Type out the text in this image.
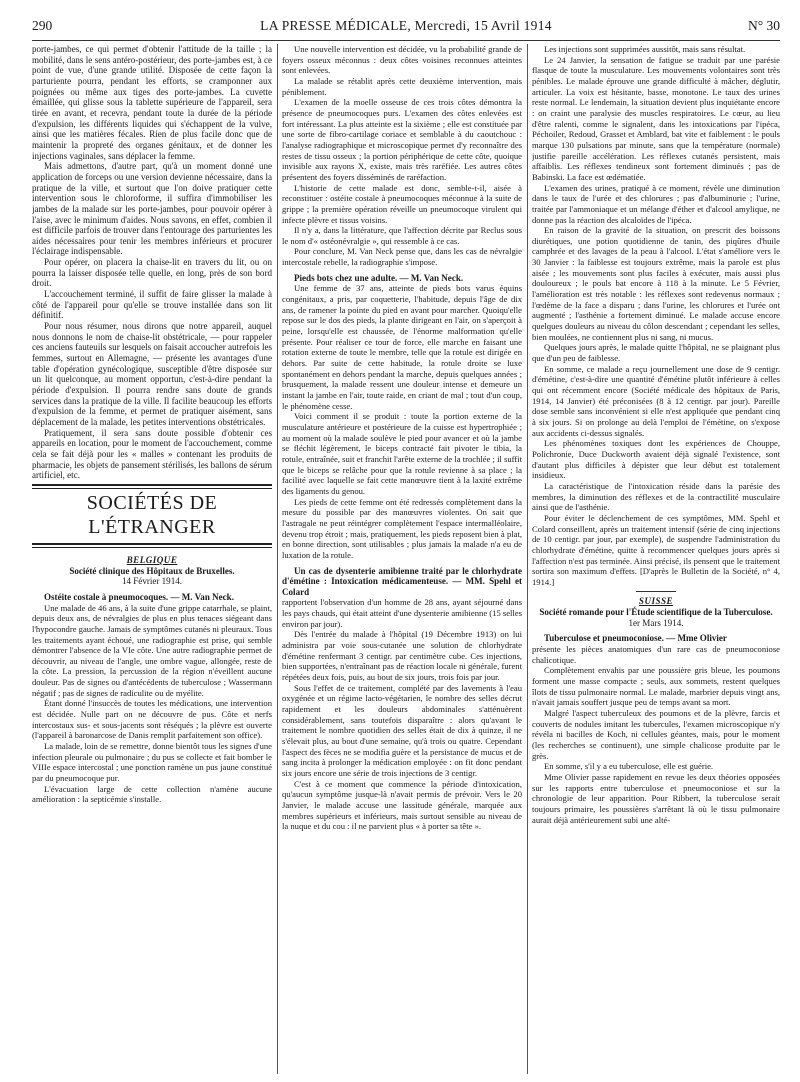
290	LA PRESSE MÉDICALE, Mercredi, 15 Avril 1914	N° 30

porte-jambes, ce qui permet d'obtenir l'attitude de la taille ; la mobilité, dans le sens antéro-postérieur, des porte-jambes est, à ce point de vue, d'une grande utilité. Disposée de cette façon la parturiente pourra, pendant les efforts, se cramponner aux poignées ou même aux tiges des porte-jambes. La cuvette émaillée, qui glisse sous la tablette supérieure de l'appareil, sera tirée en avant, et recevra, pendant toute la durée de la période d'expulsion, les différents liquides qui s'échappent de la vulve, ainsi que les matières fécales. Rien de plus facile donc que de maintenir la propreté des organes génitaux, et de donner les injections vaginales, sans déplacer la femme.

Mais admettons, d'autre part, qu'à un moment donné une application de forceps ou une version devienne nécessaire, dans la pratique de la ville, et surtout que l'on doive pratiquer cette intervention sous le chloroforme, il suffira d'immobiliser les jambes de la malade sur les porte-jambes, pour pouvoir opérer à l'aise, avec le minimum d'aides. Nous savons, en effet, combien il est difficile parfois de trouver dans l'entourage des parturientes les aides nécessaires pour tenir les membres inférieurs et procurer l'éclairage indispensable.

Pour opérer, on placera la chaise-lit en travers du lit, ou on pourra la laisser disposée telle quelle, en long, près de son bord droit.

L'accouchement terminé, il suffit de faire glisser la malade à côté de l'appareil pour qu'elle se trouve installée dans son lit définitif.

Pour nous résumer, nous dirons que notre appareil, auquel nous donnons le nom de chaise-lit obstétricale, — pour rappeler ces anciens fauteuils sur lesquels on faisait accoucher autrefois les femmes, surtout en Allemagne, — présente les avantages d'une table d'opération gynécologique, susceptible d'être disposée sur un lit quelconque, au moment opportun, c'est-à-dire pendant la période d'expulsion. Il pourra rendre sans doute de grands services dans la pratique de la ville. Il facilite beaucoup les efforts d'expulsion de la femme, et permet de pratiquer aisément, sans déplacement de la malade, les petites interventions obstétricales.

Pratiquement, il sera sans doute possible d'obtenir ces appareils en location, pour le moment de l'accouchement, comme cela se fait déjà pour les « malles » contenant les produits de pharmacie, les objets de pansement stérilisés, les ballons de sérum artificiel, etc.

SOCIÉTÉS DE L'ÉTRANGER

BELGIQUE

Société clinique des Hôpitaux de Bruxelles.

14 Février 1914.

Ostéite costale à pneumocoques. — M. Van Neck.

Une malade de 46 ans, à la suite d'une grippe catarrhale, se plaint, depuis deux ans, de névralgies de plus en plus tenaces siégeant dans l'hypocondre gauche. Jamais de symptômes cutanés ni pleuraux. Tous les traitements ayant échoué, une radiographie est prise, qui semble démontrer l'absence de la VIe côte. Une autre radiographie permet de découvrir, au niveau de l'angle, une ombre vague, allongée, reste de la côte. La pression, la percussion de la région n'éveillent aucune douleur. Pas de signes ou d'antécédents de tuberculose ; Wassermann négatif ; pas de signes de radiculite ou de myélite.

Étant donné l'insuccès de toutes les médications, une intervention est décidée. Nulle part on ne découvre de pus. Côte et nerfs intercostaux sus- et sous-jacents sont réséqués ; la plèvre est ouverte (l'appareil à baronarcose de Danis remplit parfaitement son office).

La malade, loin de se remettre, donne bientôt tous les signes d'une infection pleurale ou pulmonaire ; du pus se collecte et fait bomber le VIIIe espace intercostal ; une ponction ramène un pus jaune constitué par du pneumocoque pur.

L'évacuation large de cette collection n'amène aucune amélioration : la septicémie s'installe.

Une nouvelle intervention est décidée, vu la probabilité grande de foyers osseux méconnus : deux côtes voisines reconnues atteintes sont enlevées.

La malade se rétablit après cette deuxième intervention, mais péniblement.

L'examen de la moelle osseuse de ces trois côtes démontra la présence de pneumocoques purs. L'examen des côtes enlevées est fort intéressant. La plus atteinte est la sixième ; elle est constituée par une sorte de fibro-cartilage coriace et semblable à du caoutchouc : l'analyse radiographique et microscopique permet d'y reconnaître des restes de tissu osseux ; la portion périphérique de cette côte, quoique invisible aux rayons X, existe, mais très raréfiée. Les autres côtes présentent des foyers disséminés de raréfaction.

L'historie de cette malade est donc, semble-t-il, aisée à reconstituer : ostéite costale à pneumocoques méconnue à la suite de grippe ; la première opération réveille un pneumocoque virulent qui infecte plèvre et tissus voisins.

Il n'y a, dans la littérature, que l'affection décrite par Reclus sous le nom d'« ostéonévralgie », qui ressemble à ce cas.

Pour conclure, M. Van Neck pense que, dans les cas de névralgie intercostale rebelle, la radiographie s'impose.

Pieds bots chez une adulte. — M. Van Neck.

Une femme de 37 ans, atteinte de pieds bots varus équins congénitaux, a pris, par coquetterie, l'habitude, depuis l'âge de dix ans, de ramener la pointe du pied en avant pour marcher. Quoiqu'elle repose sur le dos des pieds, la plante dirigeant en l'air, on s'aperçoit à peine, lorsqu'elle est chaussée, de l'énorme malformation qu'elle présente. Pour réaliser ce tour de force, elle marche en faisant une rotation externe de toute le membre, telle que la rotule est dirigée en dehors. Par suite de cette habitude, la rotule droite se luxe spontanément en dehors pendant la marche, depuis quelques années ; brusquement, la malade ressent une douleur intense et demeure un instant la jambe en l'air, toute raide, en criant de mal ; tout d'un coup, le phénomène cesse.

Voici comment il se produit : toute la portion externe de la musculature antérieure et postérieure de la cuisse est hypertrophiée ; au moment où la malade soulève le pied pour avancer et où la jambe se fléchit légèrement, le biceps contracté fait pivoter le tibia, la rotule, entraînée, suit et franchit l'arête externe de la trochlée ; il suffit que le biceps se relâche pour que la rotule revienne à sa place ; la facilité avec laquelle se fait cette manœuvre tient à la laxité extrême des ligaments du genou.

Les pieds de cette femme ont été redressés complètement dans la mesure du possible par des manœuvres violentes. On sait que l'astragale ne peut réintégrer complètement l'espace intermalléolaire, devenu trop étroit ; mais, pratiquement, les pieds reposent bien à plat, en bonne direction, sont utilisables ; plus jamais la malade n'a eu de luxation de la rotule.

Un cas de dysenterie amibienne traité par le chlorhydrate d'émétine : Intoxication médicamenteuse. — MM. Spehl et Colard

rapportent l'observation d'un homme de 28 ans, ayant séjourné dans les pays chauds, qui était atteint d'une dysenterie amibienne (15 selles environ par jour).

Dès l'entrée du malade à l'hôpital (19 Décembre 1913) on lui administra par voie sous-cutanée une solution de chlorhydrate d'émétine renfermant 3 centigr. par centimètre cube. Ces injections, bien supportées, n'entraînant pas de réaction locale ni générale, furent répétées deux fois, puis, au bout de six jours, trois fois par jour.

Sous l'effet de ce traitement, complété par des lavements à l'eau oxygénée et un régime lacto-végétarien, le nombre des selles décrut rapidement et les douleurs abdominales s'atténuèrent considérablement, sans toutefois disparaître : alors qu'avant le traitement le nombre quotidien des selles était de dix à quinze, il ne s'élevait plus, au bout d'une semaine, qu'à trois ou quatre. Cependant l'aspect des fèces ne se modifia guère et la persistance de mucus et de sang incita à prolonger la médication employée : on fit donc pendant six jours encore une série de trois injections de 3 centigr.

C'est à ce moment que commence la période d'intoxication, qu'aucun symptôme jusque-là n'avait permis de prévoir. Vers le 20 Janvier, le malade accuse une lassitude générale, marquée aux membres supérieurs et inférieurs, mais surtout sensible au niveau de la nuque et du cou : il ne parvient plus « à porter sa tête ».

Les injections sont supprimées aussitôt, mais sans résultat.

Le 24 Janvier, la sensation de fatigue se traduit par une parésie flasque de toute la musculature. Les mouvements volontaires sont très pénibles. Le malade éprouve une grande difficulté à mâcher, déglutir, articuler. La voix est hésitante, basse, monotone. Le taux des urines reste normal. Le lendemain, la situation devient plus inquiétante encore : on craint une paralysie des muscles respiratoires. Le cœur, au lieu d'être ralenti, comme le signalent, dans les intoxications par l'ipéca, Péchoiler, Redoud, Grasset et Amblard, bat vite et faiblement : le pouls marque 130 pulsations par minute, sans que la température (normale) justifie pareille accélération. Les réflexes cutanés persistent, mais affaiblis. Les réflexes tendineux sont fortement diminués ; pas de Babinski. La face est œdématiée.

L'examen des urines, pratiqué à ce moment, révèle une diminution dans le taux de l'urée et des chlorures ; pas d'albuminurie ; l'urine, traitée par l'ammoniaque et un mélange d'éther et d'alcool amylique, ne donne pas la réaction des alcaloïdes de l'ipéca.

En raison de la gravité de la situation, on prescrit des boissons diurétiques, une potion quotidienne de tanin, des piqûres d'huile camphrée et des lavages de la peau à l'alcool. L'état s'améliore vers le 30 Janvier : la faiblesse est toujours extrême, mais la parole est plus aisée ; les mouvements sont plus faciles à exécuter, mais aussi plus douloureux ; le pouls bat encore à 118 à la minute. Le 5 Février, l'amélioration est très notable : les réflexes sont redevenus normaux ; l'œdème de la face a disparu ; dans l'urine, les chlorures et l'urée ont augmenté ; l'asthénie a fortement diminué. Le malade accuse encore quelques douleurs au niveau du côlon descendant ; cependant les selles, bien moulées, ne contiennent plus ni sang, ni mucus.

Quelques jours après, le malade quitte l'hôpital, ne se plaignant plus que d'un peu de faiblesse.

En somme, ce malade a reçu journellement une dose de 9 centigr. d'émétine, c'est-à-dire une quantité d'émétine plutôt inférieure à celles qui ont récemment encore (Société médicale des hôpitaux de Paris, 1914, 14 Janvier) été préconisées (8 à 12 centigr. par jour). Pareille dose semble sans inconvénient si elle n'est appliquée que pendant cinq à six jours. Si on prolonge au delà l'emploi de l'émétine, on s'expose aux accidents ci-dessus signalés.

Les phénomènes toxiques dont les expériences de Chouppe, Polichronie, Duce Duckworth avaient déjà signalé l'existence, sont d'autant plus difficiles à dépister que leur début est totalement insidieux.

La caractéristique de l'intoxication réside dans la parésie des membres, la diminution des réflexes et de la contractilité musculaire ainsi que de l'asthénie.

Pour éviter le déclenchement de ces symptômes, MM. Spehl et Colard conseillent, après un traitement intensif (série de cinq injections de 10 centigr. par jour, par exemple), de suspendre l'administration du chlorhydrate d'émétine, quitte à recommencer quelques jours après si l'affection n'est pas terminée. Ainsi précisé, ils pensent que le traitement sortira son maximum d'effets. [D'après le Bulletin de la Société, n° 4, 1914.]

SUISSE

Société romande pour l'Étude scientifique de la Tuberculose.

1er Mars 1914.

Tuberculose et pneumoconiose. — Mme Olivier

présente les pièces anatomiques d'un rare cas de pneumoconiose chalicotique.

Complètement envahis par une poussière gris bleue, les poumons forment une masse compacte ; seuls, aux sommets, restent quelques îlots de tissu pulmonaire normal. Le malade, marbrier depuis vingt ans, n'avait jamais souffert jusque peu de temps avant sa mort.

Malgré l'aspect tuberculeux des poumons et de la plèvre, farcis et couverts de nodules imitant les tubercules, l'examen microscopique n'y révéla ni bacilles de Koch, ni cellules géantes, mais, pour le moment (les recherches se continuent), une simple chalicose produite par le grès.

En somme, s'il y a eu tuberculose, elle est guérie.

Mme Olivier passe rapidement en revue les deux théories opposées sur les rapports entre tuberculose et pneumoconiose et sur la chronologie de leur apparition. Pour Ribbert, la tuberculose serait toujours primaire, les poussières s'arrêtant là où le tissu pulmonaire aurait déjà antérieurement subi une alté-
